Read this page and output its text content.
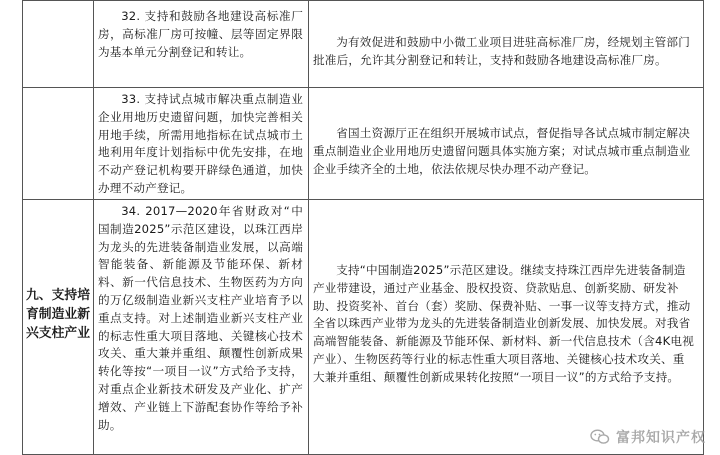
32. 支持和鼓励各地建设高标准厂房，高标准厂房可按幢、层等固定界限为基本单元分割登记和转让。

为有效促进和鼓励中小微工业项目进驻高标准厂房，经规划主管部门批准后，允许其分割登记和转让，支持和鼓励各地建设高标准厂房。

33. 支持试点城市解决重点制造业企业用地历史遗留问题，加快完善相关用地手续，所需用地指标在试点城市土地利用年度计划指标中优先安排，在地不动产登记机构要开辟绿色通道，加快办理不动产登记。

省国土资源厅正在组织开展城市试点，督促指导各试点城市制定解决重点制造业企业用地历史遗留问题具体实施方案；对试点城市重点制造业企业手续齐全的土地，依法依规尽快办理不动产登记。

九、支持培育制造业新兴支柱产业

34. 2017—2020年省财政对“中国制造2025”示范区建设，以珠江西岸为龙头的先进装备制造业发展，以高端智能装备、新能源及节能环保、新材料、新一代信息技术、生物医药为方向的万亿级制造业新兴支柱产业培育予以重点支持。对上述制造业新兴支柱产业的标志性重大项目落地、关键核心技术攻关、重大兼并重组、颠覆性创新成果转化等按“一项目一议”方式给予支持，对重点企业新技术研发及产业化、扩产增效、产业链上下游配套协作等给予补助。

支持“中国制造2025”示范区建设。继续支持珠江西岸先进装备制造产业带建设，通过产业基金、股权投资、贷款贴息、创新奖励、研发补助、投资奖补、首台（套）奖励、保费补贴、一事一议等支持方式，推动全省以珠西产业带为龙头的先进装备制造业创新发展、加快发展。对我省高端智能装备、新能源及节能环保、新材料、新一代信息技术（含4K电视产业）、生物医药等行业的标志性重大项目落地、关键核心技术攻关、重大兼并重组、颠覆性创新成果转化按照“一项目一议”的方式给予支持。

富邦知识产权
